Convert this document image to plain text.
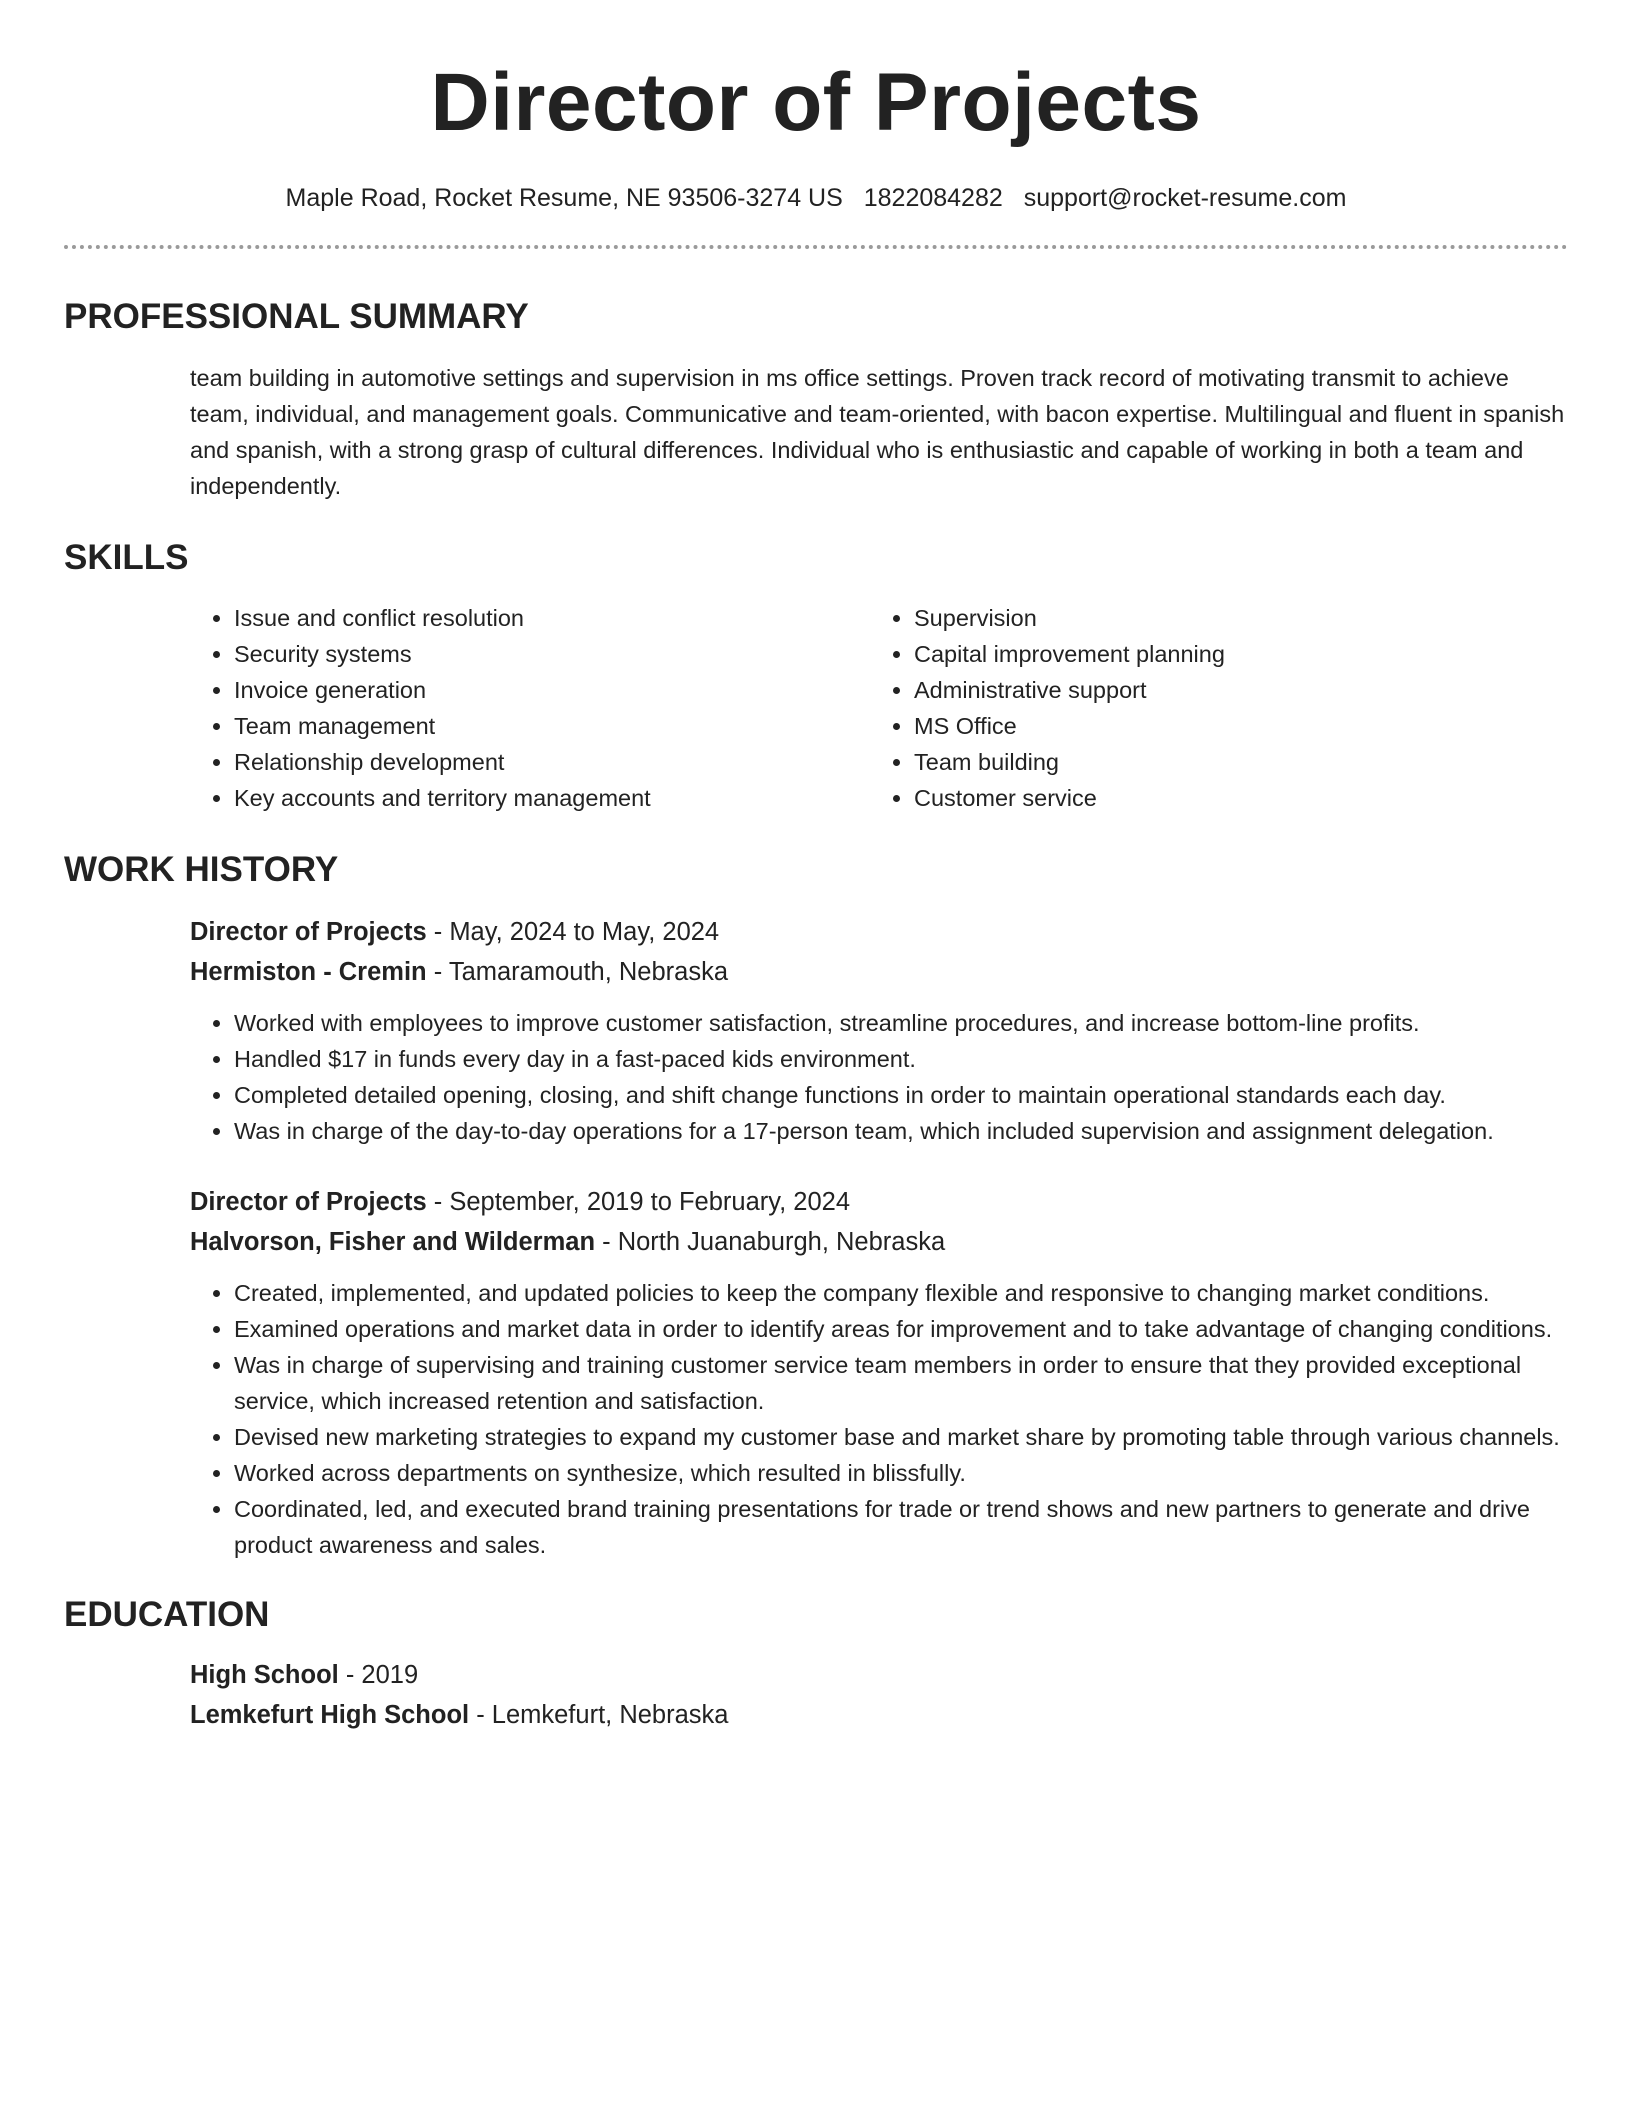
Director of Projects
Maple Road, Rocket Resume, NE 93506-3274 US 1822084282 support@rocket-resume.com
PROFESSIONAL SUMMARY
team building in automotive settings and supervision in ms office settings. Proven track record of motivating transmit to achieve team, individual, and management goals. Communicative and team-oriented, with bacon expertise. Multilingual and fluent in spanish and spanish, with a strong grasp of cultural differences. Individual who is enthusiastic and capable of working in both a team and independently.
SKILLS
• Issue and conflict resolution
• Security systems
• Invoice generation
• Team management
• Relationship development
• Key accounts and territory management
• Supervision
• Capital improvement planning
• Administrative support
• MS Office
• Team building
• Customer service
WORK HISTORY
Director of Projects - May, 2024 to May, 2024
Hermiston - Cremin - Tamaramouth, Nebraska
• Worked with employees to improve customer satisfaction, streamline procedures, and increase bottom-line profits.
• Handled $17 in funds every day in a fast-paced kids environment.
• Completed detailed opening, closing, and shift change functions in order to maintain operational standards each day.
• Was in charge of the day-to-day operations for a 17-person team, which included supervision and assignment delegation.
Director of Projects - September, 2019 to February, 2024
Halvorson, Fisher and Wilderman - North Juanaburgh, Nebraska
• Created, implemented, and updated policies to keep the company flexible and responsive to changing market conditions.
• Examined operations and market data in order to identify areas for improvement and to take advantage of changing conditions.
• Was in charge of supervising and training customer service team members in order to ensure that they provided exceptional service, which increased retention and satisfaction.
• Devised new marketing strategies to expand my customer base and market share by promoting table through various channels.
• Worked across departments on synthesize, which resulted in blissfully.
• Coordinated, led, and executed brand training presentations for trade or trend shows and new partners to generate and drive product awareness and sales.
EDUCATION
High School - 2019
Lemkefurt High School - Lemkefurt, Nebraska
